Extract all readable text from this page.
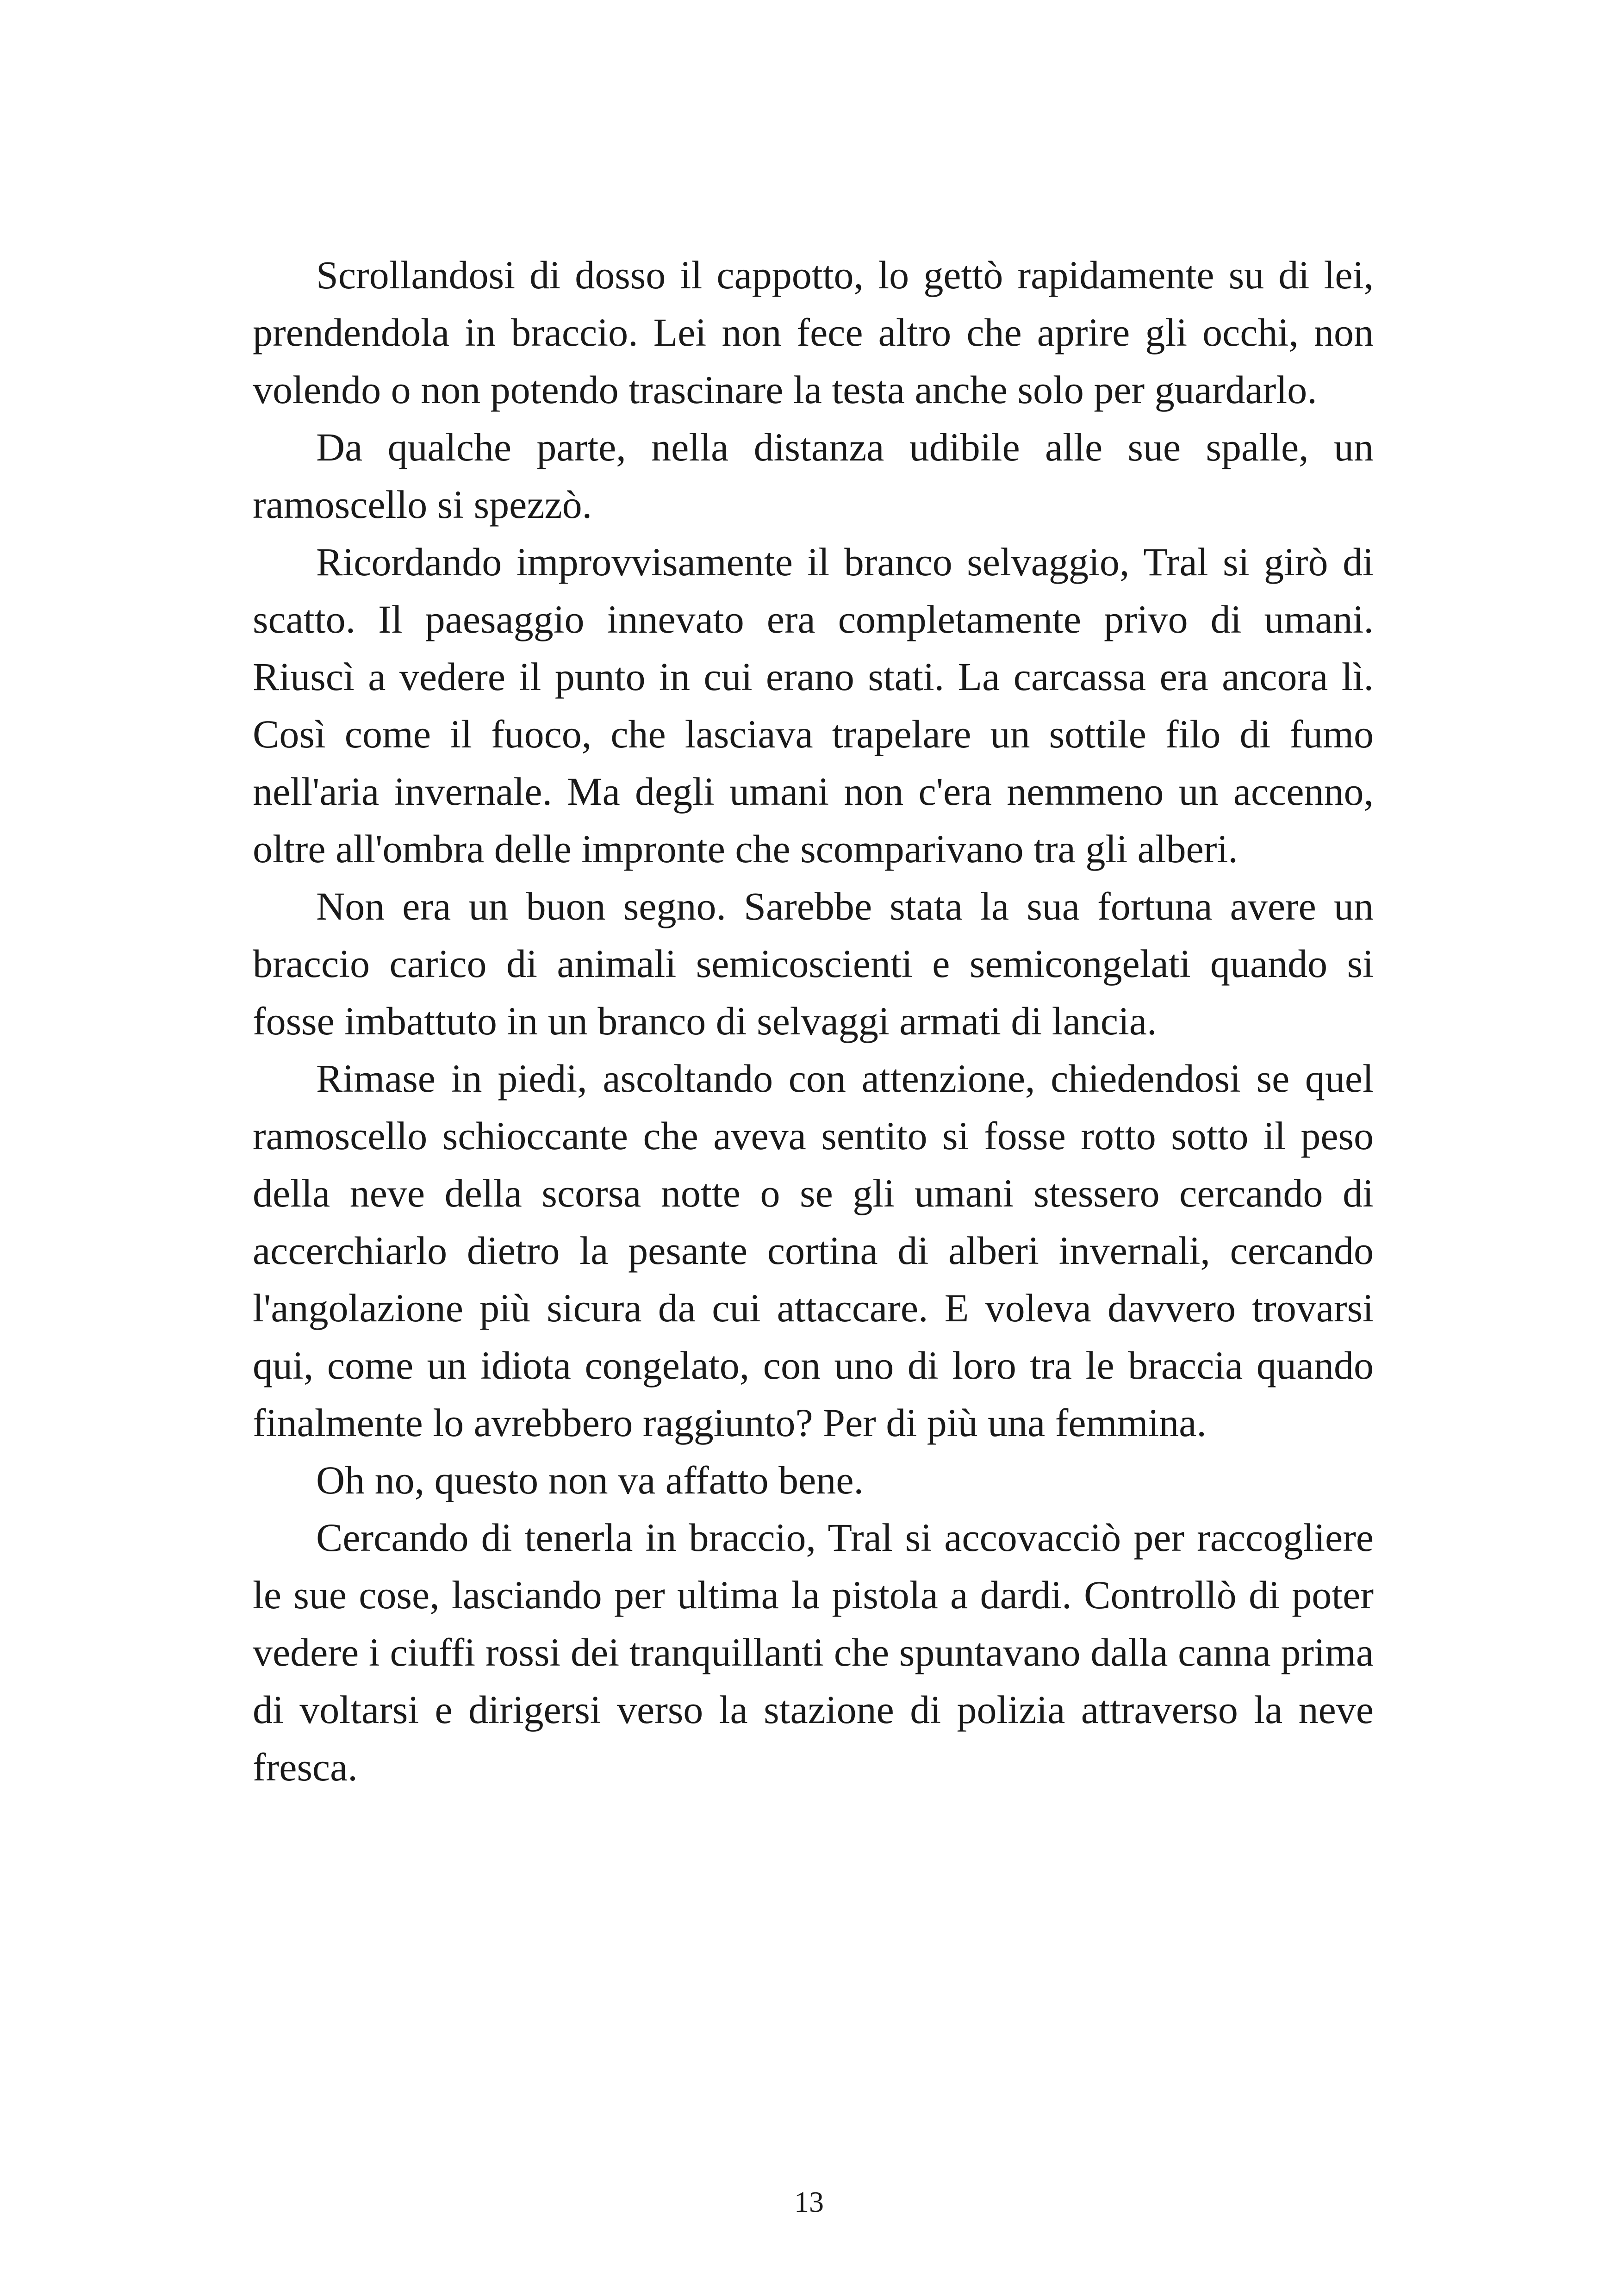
Scrollandosi di dosso il cappotto, lo gettò rapidamente su di lei, prendendola in braccio. Lei non fece altro che aprire gli occhi, non volendo o non potendo trascinare la testa anche solo per guardarlo.

Da qualche parte, nella distanza udibile alle sue spalle, un ramoscello si spezzò.

Ricordando improvvisamente il branco selvaggio, Tral si girò di scatto. Il paesaggio innevato era completamente privo di umani. Riuscì a vedere il punto in cui erano stati. La carcassa era ancora lì. Così come il fuoco, che lasciava trapelare un sottile filo di fumo nell'aria invernale. Ma degli umani non c'era nemmeno un accenno, oltre all'ombra delle impronte che scomparivano tra gli alberi.

Non era un buon segno. Sarebbe stata la sua fortuna avere un braccio carico di animali semicoscienti e semicongelati quando si fosse imbattuto in un branco di selvaggi armati di lancia.

Rimase in piedi, ascoltando con attenzione, chiedendosi se quel ramoscello schioccante che aveva sentito si fosse rotto sotto il peso della neve della scorsa notte o se gli umani stessero cercando di accerchiarlo dietro la pesante cortina di alberi invernali, cercando l'angolazione più sicura da cui attaccare. E voleva davvero trovarsi qui, come un idiota congelato, con uno di loro tra le braccia quando finalmente lo avrebbero raggiunto? Per di più una femmina.

Oh no, questo non va affatto bene.

Cercando di tenerla in braccio, Tral si accovacciò per raccogliere le sue cose, lasciando per ultima la pistola a dardi. Controllò di poter vedere i ciuffi rossi dei tranquillanti che spuntavano dalla canna prima di voltarsi e dirigersi verso la stazione di polizia attraverso la neve fresca.

13
